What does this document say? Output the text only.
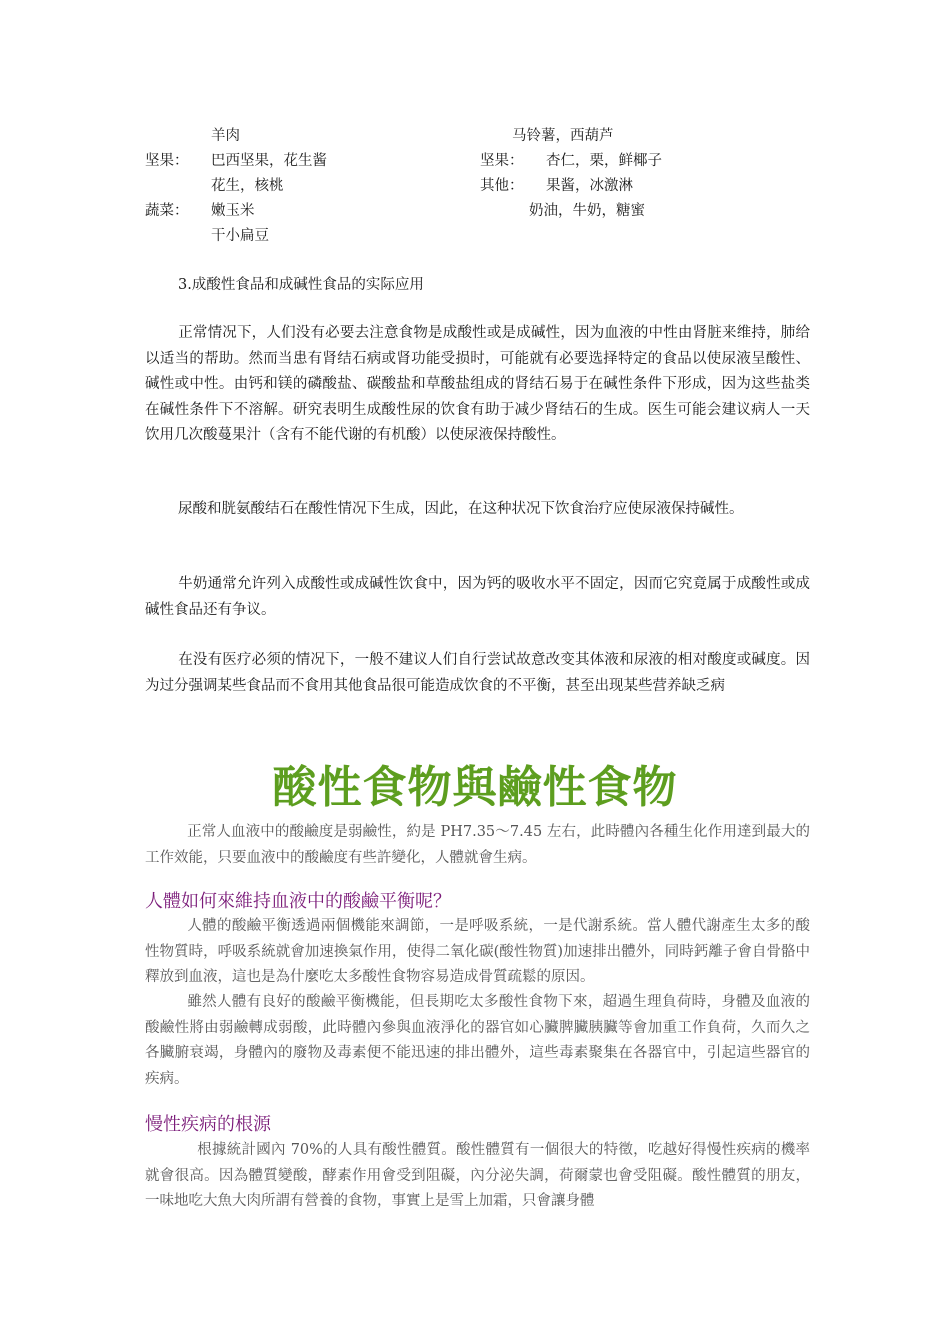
羊肉	马铃薯，西葫芦
坚果： 巴西坚果，花生酱	坚果： 杏仁，栗，鲜椰子
花生，核桃	其他： 果酱，冰激淋
蔬菜： 嫩玉米	奶油，牛奶，糖蜜
干小扁豆
3.成酸性食品和成碱性食品的实际应用
正常情况下，人们没有必要去注意食物是成酸性或是成碱性，因为血液的中性由肾脏来维持，肺给以适当的帮助。然而当患有肾结石病或肾功能受损时，可能就有必要选择特定的食品以使尿液呈酸性、碱性或中性。由钙和镁的磷酸盐、碳酸盐和草酸盐组成的肾结石易于在碱性条件下形成，因为这些盐类在碱性条件下不溶解。研究表明生成酸性尿的饮食有助于减少肾结石的生成。医生可能会建议病人一天饮用几次酸蔓果汁（含有不能代谢的有机酸）以使尿液保持酸性。
尿酸和胱氨酸结石在酸性情况下生成，因此，在这种状况下饮食治疗应使尿液保持碱性。
牛奶通常允许列入成酸性或成碱性饮食中，因为钙的吸收水平不固定，因而它究竟属于成酸性或成碱性食品还有争议。
在没有医疗必须的情况下，一般不建议人们自行尝试故意改变其体液和尿液的相对酸度或碱度。因为过分强调某些食品而不食用其他食品很可能造成饮食的不平衡，甚至出现某些营养缺乏病
酸性食物與鹼性食物
正常人血液中的酸鹼度是弱鹼性，約是 PH7.35～7.45 左右，此時體內各種生化作用達到最大的工作效能，只要血液中的酸鹼度有些許變化，人體就會生病。
人體如何來維持血液中的酸鹼平衡呢？
人體的酸鹼平衡透過兩個機能來調節，一是呼吸系統，一是代謝系統。當人體代謝產生太多的酸性物質時，呼吸系統就會加速換氣作用，使得二氧化碳(酸性物質)加速排出體外，同時鈣離子會自骨骼中釋放到血液，這也是為什麼吃太多酸性食物容易造成骨質疏鬆的原因。
雖然人體有良好的酸鹼平衡機能，但長期吃太多酸性食物下來，超過生理負荷時，身體及血液的酸鹼性將由弱鹼轉成弱酸，此時體內參與血液淨化的器官如心臟脾臟胰臟等會加重工作負荷，久而久之各臟腑衰竭，身體內的廢物及毒素便不能迅速的排出體外，這些毒素聚集在各器官中，引起這些器官的疾病。
慢性疾病的根源
根據統計國內 70%的人具有酸性體質。酸性體質有一個很大的特徵，吃越好得慢性疾病的機率就會很高。因為體質變酸，酵素作用會受到阻礙，內分泌失調，荷爾蒙也會受阻礙。酸性體質的朋友，一味地吃大魚大肉所謂有營養的食物，事實上是雪上加霜，只會讓身體
